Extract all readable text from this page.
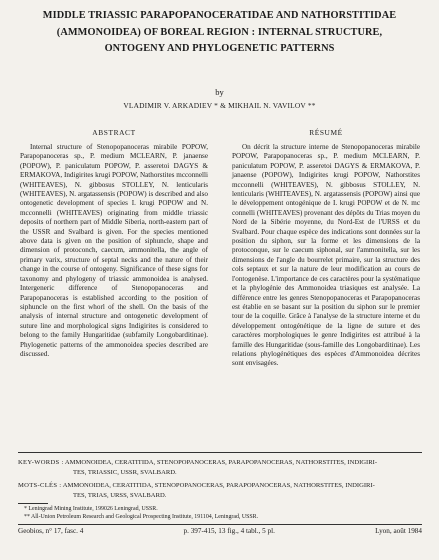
MIDDLE TRIASSIC PARAPOPANOCERATIDAE AND NATHORSTITIDAE
(AMMONOIDEA) OF BOREAL REGION : INTERNAL STRUCTURE,
ONTOGENY AND PHYLOGENETIC PATTERNS
by
VLADIMIR V. ARKADIEV * & MIKHAIL N. VAVILOV **
ABSTRACT	RÉSUMÉ
Internal structure of Stenopopanoceras mirabile POPOW, Parapopanoceras sp., P. medium MCLEARN, P. janaense (POPOW), P. paniculatum POPOW, P. asseretoi DAGYS & ERMAKOVA, Indigirites krugi POPOW, Nathorstites mcconnelli (WHITEAVES), N. gibbosus STOLLEY, N. lenticularis (WHITEAVES), N. argatassensis (POPOW) is described and also ontogenetic development of species I. krugi POPOW and N. mcconnelli (WHITEAVES) originating from middle triassic deposits of northern part of Middle Siberia, north-eastern part of the USSR and Svalbard is given. For the species mentioned above data is given on the position of siphuncle, shape and dimension of protoconch, caecum, ammonitella, the angle of primary varix, structure of septal necks and the nature of their change in the course of ontogeny. Significance of these signs for taxonomy and phylogeny of triassic ammonoidea is analysed. Intergeneric difference of Stenopopanoceras and Parapopanoceras is established according to the position of siphuncle on the first whorl of the shell. On the basis of the analysis of internal structure and ontogenetic development of suture line and morphological signs Indigirites is considered to belong to the family Hungaritidae (subfamily Longobarditinae). Phylogenetic patterns of the ammonoidea species described are discussed.
On décrit la structure interne de Stenopopanoceras mirabile POPOW, Parapopanoceras sp., P. medium MCLEARN, P. paniculatum POPOW, P. asseretoi DAGYS & ERMAKOVA, P. janaense (POPOW), Indigirites krugi POPOW, Nathorstites mcconnelli (WHITEAVES), N. gibbosus STOLLEY, N. lenticularis (WHITEAVES), N. argatassensis (POPOW) ainsi que le développement ontogénique de I. krugi POPOW et de N. mc connelli (WHITEAVES) provenant des dépôts du Trias moyen du Nord de la Sibérie moyenne, du Nord-Est de l'URSS et du Svalbard. Pour chaque espèce des indications sont données sur la position du siphon, sur la forme et les dimensions de la protoconque, sur le caecum siphonal, sur l'ammonitella, sur les dimensions de l'angle du bourrelet primaire, sur la structure des cols septaux et sur la nature de leur modification au cours de l'ontogenèse. L'importance de ces caractères pour la systématique et la phylogénie des Ammonoidea triasiques est analysée. La différence entre les genres Stenopopanoceras et Parapopanoceras est établie en se basant sur la position du siphon sur le premier tour de la coquille. Grâce à l'analyse de la structure interne et du développement ontogénétique de la ligne de suture et des caractères morphologiques le genre Indigirites est attribué à la famille des Hungaritidae (sous-famille des Longobarditinae). Les relations phylogénétiques des espèces d'Ammonoidea décrites sont envisagées.
KEY-WORDS : AMMONOIDEA, CERATITIDA, STENOPOPANOCERAS, PARAPOPANOCERAS, NATHORSTITES, INDIGIRI-
TES, TRIASSIC, USSR, SVALBARD.
MOTS-CLÉS : AMMONOIDEA, CERATITIDA, STENOPOPANOCERAS, PARAPOPANOCERAS, NATHORSTITES, INDIGIRI-
TES, TRIAS, URSS, SVALBARD.
* Leningrad Mining Institute, 199026 Leningrad, USSR.
** All-Union Petroleum Research and Geological Prospecting Institute, 191104, Leningrad, USSR.
Geobios, n° 17, fasc. 4	p. 397-415, 13 fig., 4 tabl., 5 pl.	Lyon, août 1984
